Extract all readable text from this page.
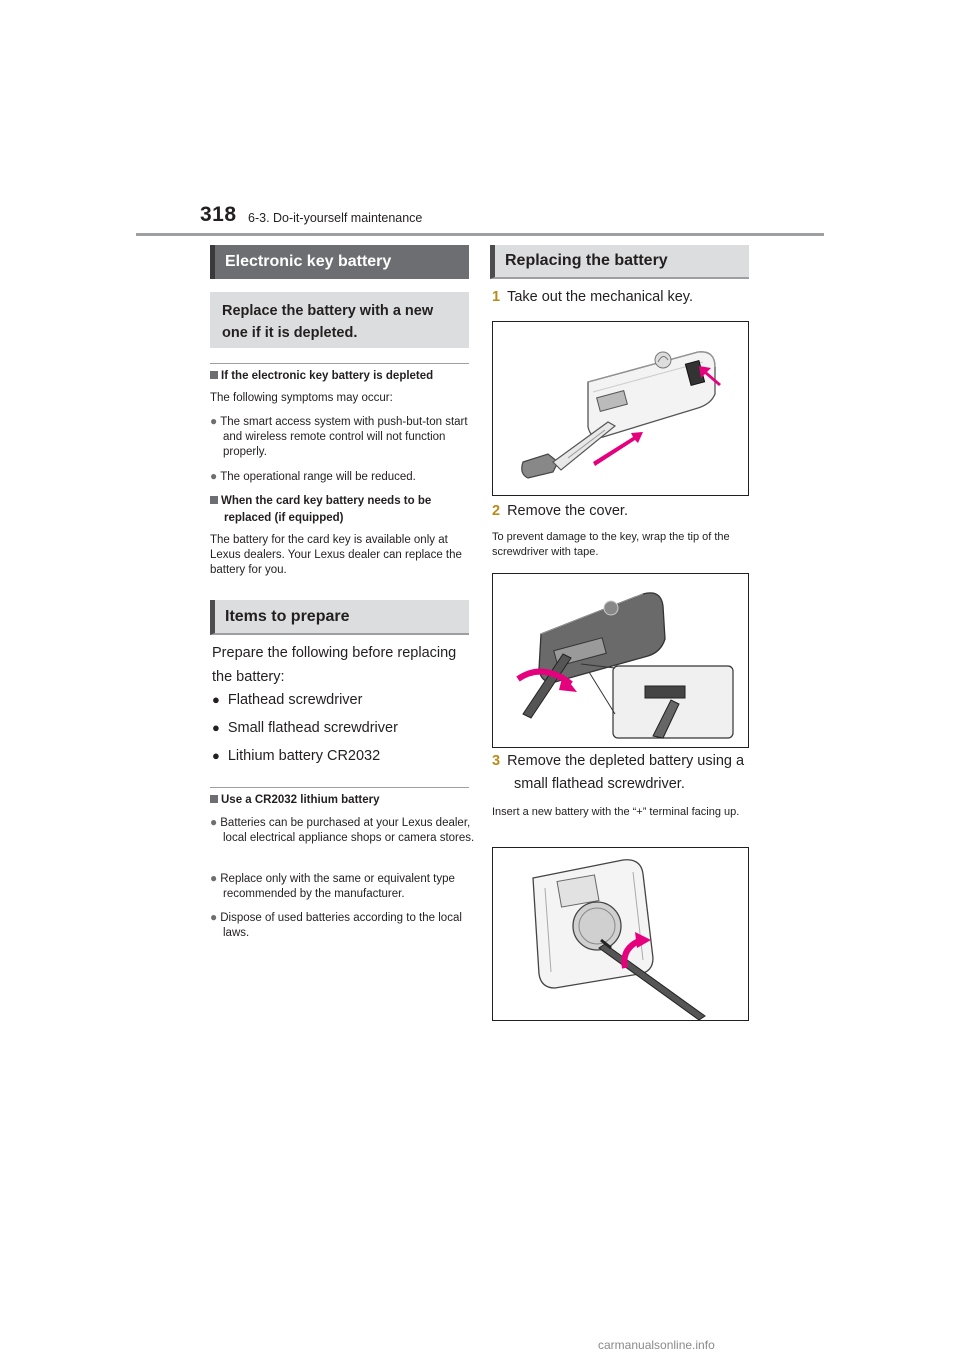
318 6-3. Do-it-yourself maintenance
Electronic key battery
Replace the battery with a new one if it is depleted.
If the electronic key battery is depleted
The following symptoms may occur:
● The smart access system with push-but-ton start and wireless remote control will not function properly.
● The operational range will be reduced.
When the card key battery needs to be replaced (if equipped)
The battery for the card key is available only at Lexus dealers. Your Lexus dealer can replace the battery for you.
Items to prepare
Prepare the following before replacing the battery:
● Flathead screwdriver
● Small flathead screwdriver
● Lithium battery CR2032
Use a CR2032 lithium battery
● Batteries can be purchased at your Lexus dealer, local electrical appliance shops or camera stores.
● Replace only with the same or equivalent type recommended by the manufacturer.
● Dispose of used batteries according to the local laws.
Replacing the battery
1 Take out the mechanical key.
2 Remove the cover.
To prevent damage to the key, wrap the tip of the screwdriver with tape.
3 Remove the depleted battery using a small flathead screwdriver.
Insert a new battery with the “+” terminal facing up.
carmanualsonline.info
